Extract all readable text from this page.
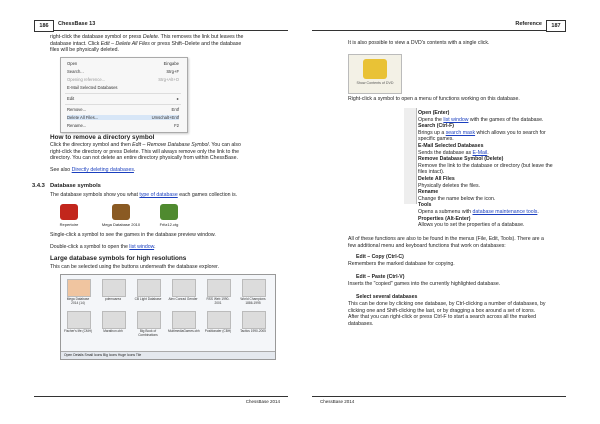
186	ChessBase 13
right-click the database symbol or press Delete. This removes the link but leaves the
database intact. Click Edit – Delete All Files or press Shift–Delete and the database
files will be physically deleted.
Open	Eingabe
Search...	Strg+F
Opening reference...	Strg+Alt+O
E-Mail Selected Databases
Edit	▸
Remove...	Entf
Delete All Files...	Umschalt+Entf
Rename...	F2
How to remove a directory symbol
Click the directory symbol and then Edit – Remove Database Symbol. You can also
right-click the directory or press Delete. This will always remove only the link to the
directory. You can not delete an entire directory physically from within ChessBase.
See also Directly deleting databases.
3.4.3 Database symbols
The database symbols show you what type of database each games collection is.
Repertoire	Mega Database 2010	Fritz12.ctg
Single-click a symbol to see the games in the database preview window.
Double-click a symbol to open the list window.
Large database symbols for high resolutions
This can be selected using the buttons underneath the database explorer.
Mega Database 2014 (14)
pdemoarea	CB Light Database	Alex Conrad Gender	RSS Web 1990-2001
World Champions 1886-1995
Fischer's life (CMH)	Marathon.cbh	Big Book of Combinations
MultimediaGames.cbh	Positionaler (CBH)	Tactics 1990-2005
Open Details Small Icons Big Icons Huge Icons Tile
ChessBase 2014
Reference	187
It is also possible to view a DVD's contents with a single click.
Show Contents of DVD
Right-click a symbol to open a menu of functions working on this database.
Open (Enter)
Opens the list window with the games of the database.
Search (Ctrl-F)
Brings up a search mask which allows you to search for
specific games.
E-Mail Selected Databases
Sends the database as E-Mail.
Remove Database Symbol (Delete)
Remove the link to the database or directory (but leave the
files intact).
Delete All Files
Physically deletes the files.
Rename
Change the name below the icon.
Tools
Opens a submenu with database maintenance tools.
Properties (Alt-Enter)
Allows you to set the properties of a database.
All of these functions are also to be found in the menus (File, Edit, Tools). There are a
few additional menu and keyboard functions that work on databases:
Edit – Copy (Ctrl-C)
Remembers the marked database for copying.
Edit – Paste (Ctrl-V)
Inserts the "copied" games into the currently highlighted database.
Select several databases
This can be done by clicking one database, by Ctrl-clicking a number of databases, by
clicking one and Shift-clicking the last, or by dragging a box around a set of icons.
After that you can right-click or press Ctrl-F to start a search across all the marked
databases.
ChessBase 2014
